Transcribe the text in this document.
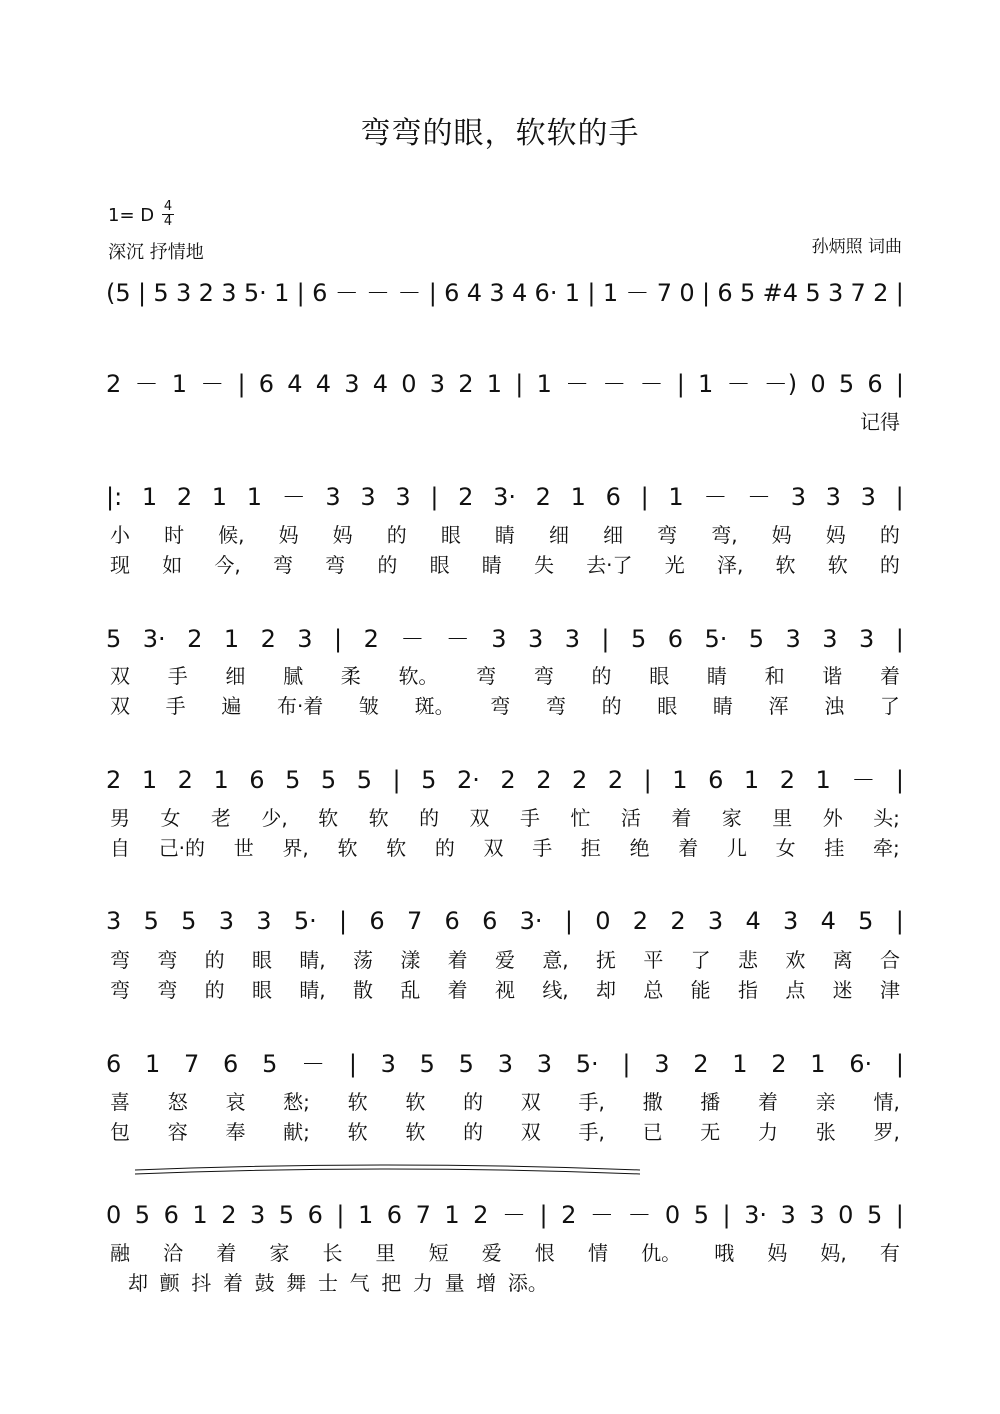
弯弯的眼，软软的手
1= D 4
4
深沉 抒情地	孙炳照 词曲
(5 | 5 3 2 3 5· 1 | 6 － － － | 6 4 3 4 6· 1 | 1 － 7 0 | 6 5 #4 5 3 7 2 |
2 － 1 － | 6 4 4 3 4 0 3 2 1 | 1 － － － | 1 － －) 0 5 6 |
记得
|: 1 2 1 1 － 3 3 3 | 2 3· 2 1 6 | 1 － － 3 3 3 |
小 时 候, 妈 妈 的 眼 睛 细 细 弯 弯, 妈 妈 的
现 如 今, 弯 弯 的 眼 睛 失 去·了 光 泽, 软 软 的
5 3· 2 1 2 3 | 2 － － 3 3 3 | 5 6 5· 5 3 3 3 |
双 手 细 腻 柔 软。 弯 弯 的 眼 睛 和 谐 着
双 手 遍 布·着 皱 斑。 弯 弯 的 眼 睛 浑 浊 了
2 1 2 1 6 5 5 5 | 5 2· 2 2 2 2 | 1 6 1 2 1 － |
男 女 老 少, 软 软 的 双 手 忙 活 着 家 里 外 头;
自 己·的 世 界, 软 软 的 双 手 拒 绝 着 儿 女 挂 牵;
3 5 5 3 3 5· | 6 7 6 6 3· | 0 2 2 3 4 3 4 5 |
弯 弯 的 眼 睛, 荡 漾 着 爱 意, 抚 平 了 悲 欢 离 合
弯 弯 的 眼 睛, 散 乱 着 视 线, 却 总 能 指 点 迷 津
6 1 7 6 5 － | 3 5 5 3 3 5· | 3 2 1 2 1 6· |
喜 怒 哀 愁; 软 软 的 双 手, 撒 播 着 亲 情,
包 容 奉 献; 软 软 的 双 手, 已 无 力 张 罗,
0 5 6 1 2 3 5 6 | 1 6 7 1 2 － | 2 － － 0 5 | 3· 3 3 0 5 |
融 洽 着 家 长 里 短 爱 恨 情 仇。 哦 妈 妈, 有
却 颤 抖 着 鼓 舞 士 气 把 力 量 增 添。
